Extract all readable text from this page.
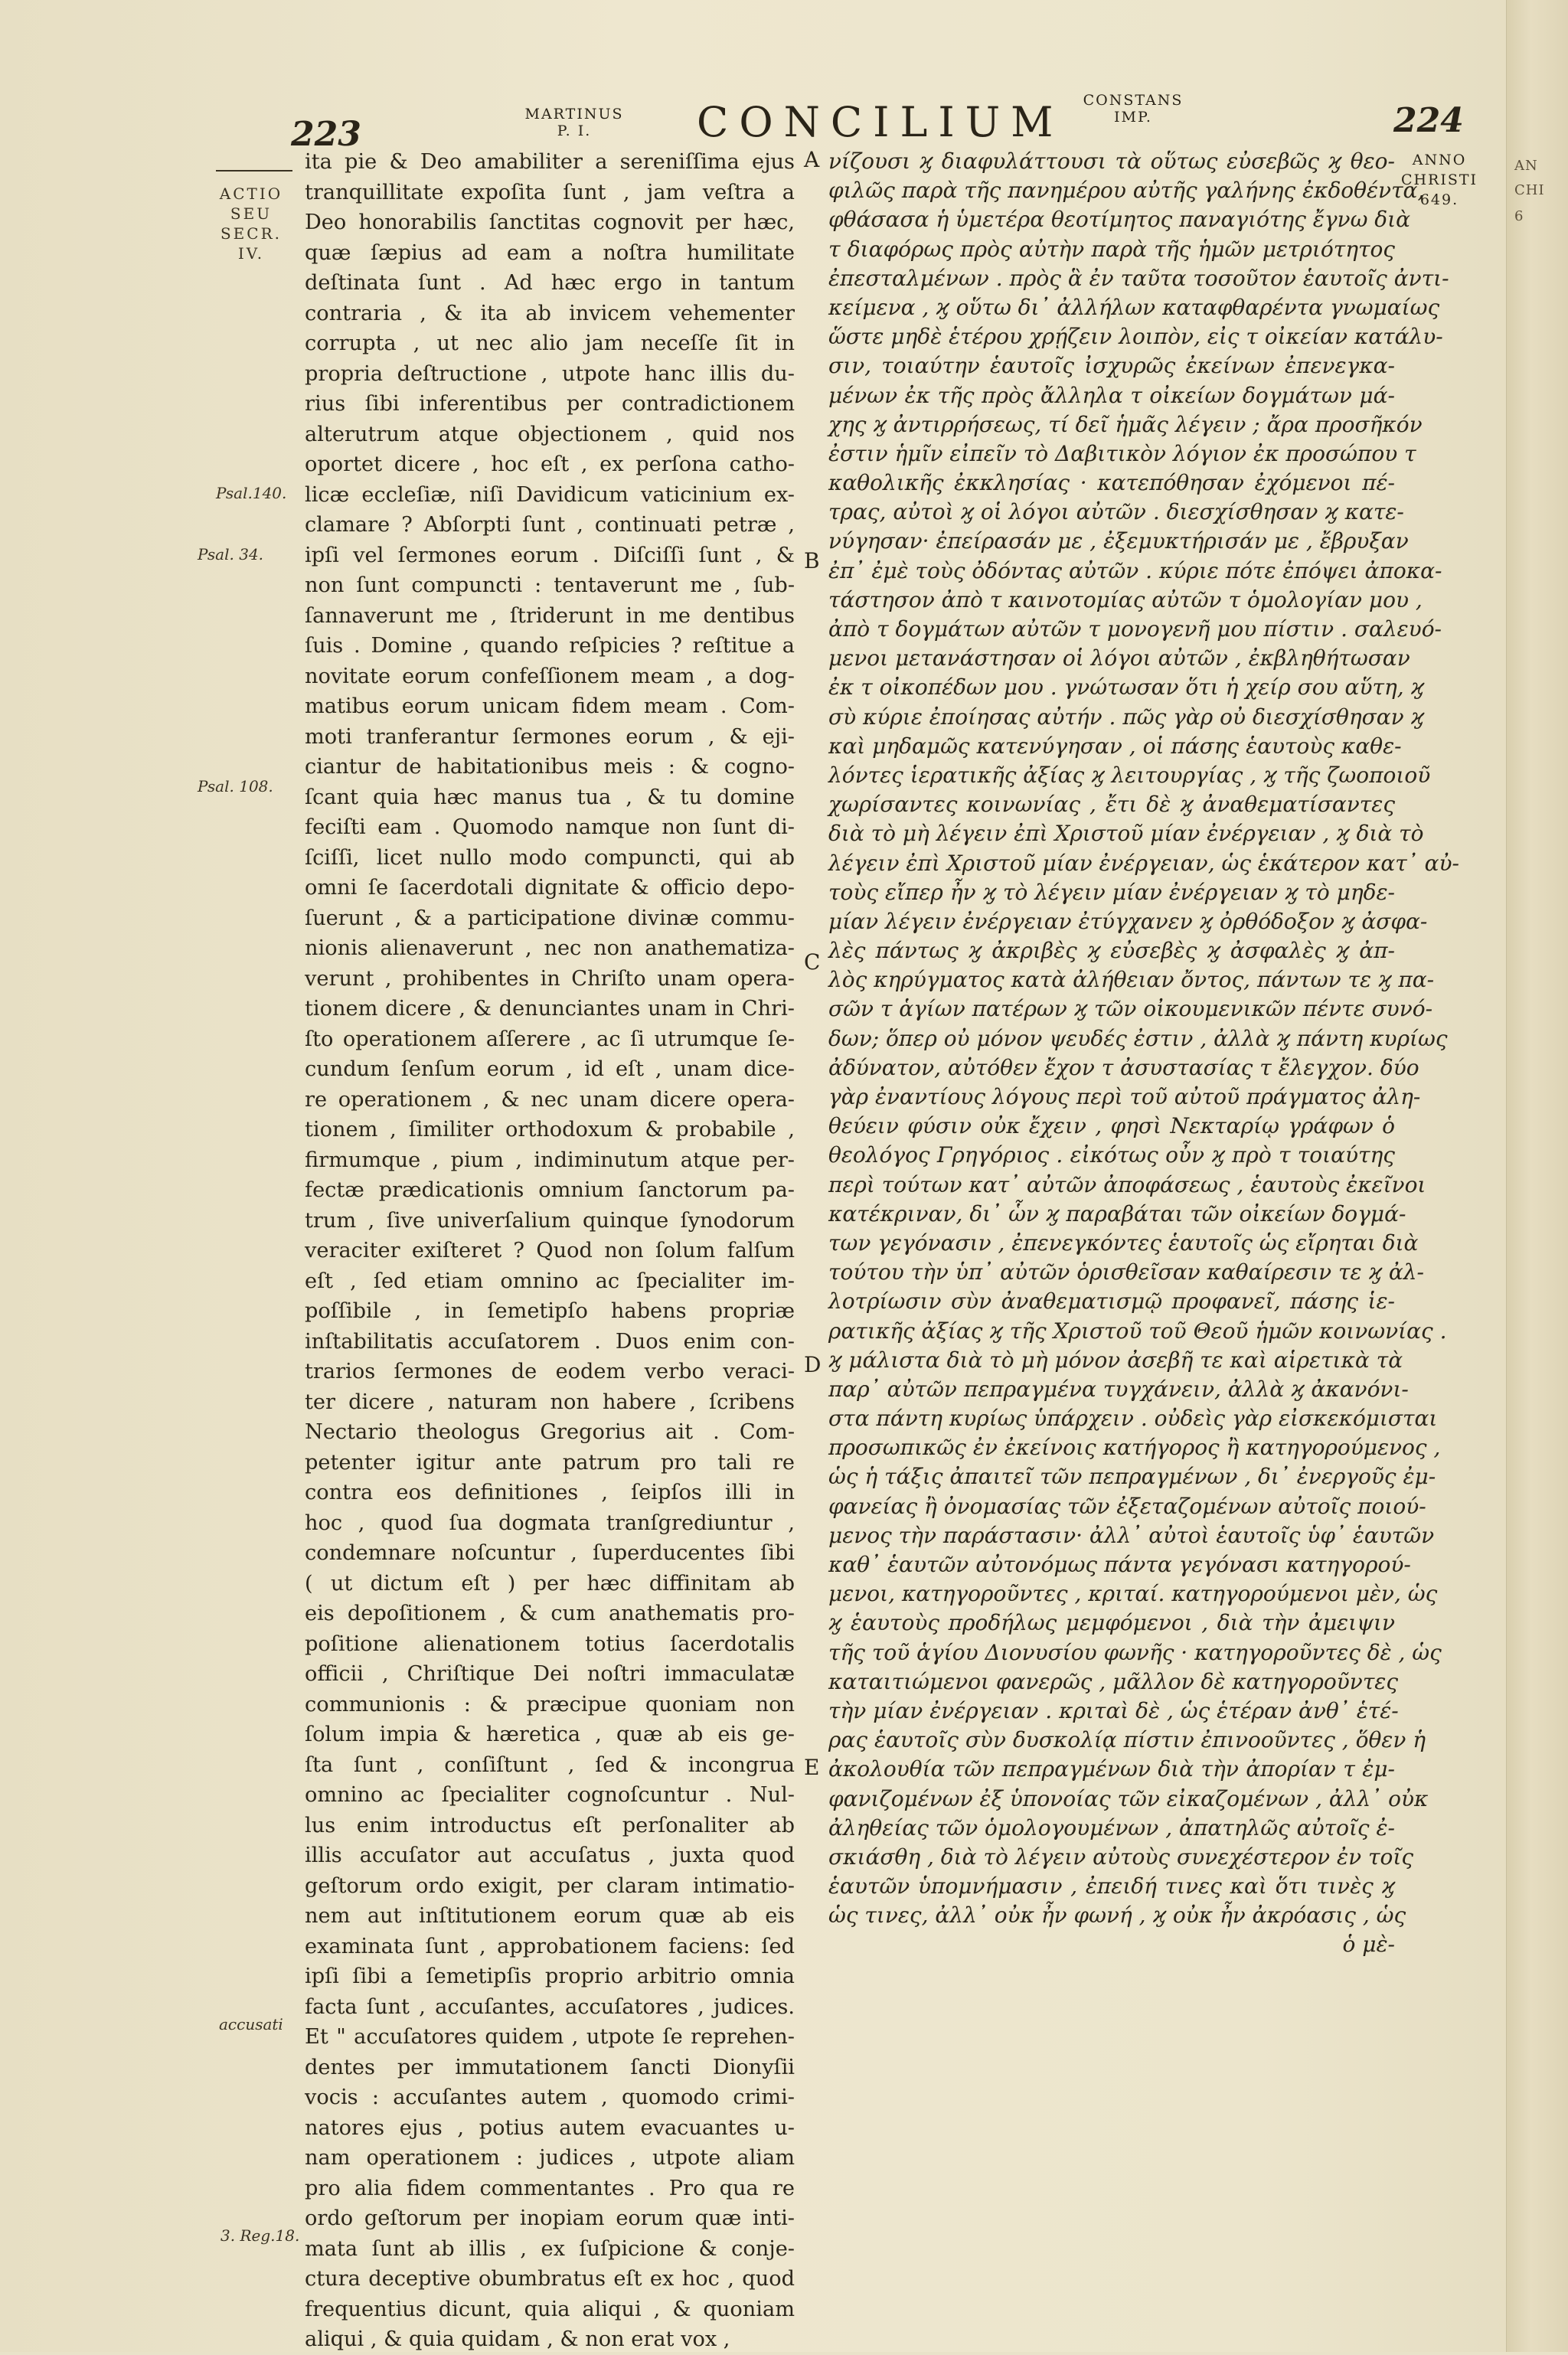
AN
CHI
6
223
MARTINUS
P. I.	CONCILIUM	CONSTANS
IMP.	224
ANNO
CHRISTI
649.
ACTIO
SEU
SECR. IV.
Psal.140.
Psal. 34.
Psal. 108.
accusati
3. Reg.18.
A
B
C
D
E
ita pie & Deo amabiliter a sereniſſima ejus
tranquillitate expoſita ſunt , jam veſtra a
Deo honorabilis ſanctitas cognovit per hæc,
quæ ſæpius ad eam a noſtra humilitate
deſtinata ſunt . Ad hæc ergo in tantum
contraria , & ita ab invicem vehementer
corrupta , ut nec alio jam neceſſe ſit in
propria deſtructione , utpote hanc illis du-
rius ſibi inferentibus per contradictionem
alterutrum atque objectionem , quid nos
oportet dicere , hoc eſt , ex perſona catho-
licæ eccleſiæ, niſi Davidicum vaticinium ex-
clamare ? Abſorpti ſunt , continuati petræ ,
ipſi vel ſermones eorum . Diſciſſi ſunt , &
non ſunt compuncti : tentaverunt me , ſub-
ſannaverunt me , ſtriderunt in me dentibus
ſuis . Domine , quando reſpicies ? reſtitue a
novitate eorum confeſſionem meam , a dog-
matibus eorum unicam fidem meam . Com-
moti tranferantur ſermones eorum , & eji-
ciantur de habitationibus meis : & cogno-
ſcant quia hæc manus tua , & tu domine
feciſti eam . Quomodo namque non ſunt di-
ſciſſi, licet nullo modo compuncti, qui ab
omni ſe ſacerdotali dignitate & officio depo-
ſuerunt , & a participatione divinæ commu-
nionis alienaverunt , nec non anathematiza-
verunt , prohibentes in Chriſto unam opera-
tionem dicere , & denunciantes unam in Chri-
ſto operationem aſſerere , ac ſi utrumque ſe-
cundum ſenſum eorum , id eſt , unam dice-
re operationem , & nec unam dicere opera-
tionem , ſimiliter orthodoxum & probabile ,
firmumque , pium , indiminutum atque per-
fectæ prædicationis omnium ſanctorum pa-
trum , ſive univerſalium quinque ſynodorum
veraciter exiſteret ? Quod non ſolum falſum
eſt , ſed etiam omnino ac ſpecialiter im-
poſſibile , in ſemetipſo habens propriæ
inſtabilitatis accuſatorem . Duos enim con-
trarios ſermones de eodem verbo veraci-
ter dicere , naturam non habere , ſcribens
Nectario theologus Gregorius ait . Com-
petenter igitur ante patrum pro tali re
contra eos definitiones , ſeipſos illi in
hoc , quod ſua dogmata tranſgrediuntur ,
condemnare noſcuntur , ſuperducentes ſibi
( ut dictum eſt ) per hæc diffinitam ab
eis depoſitionem , & cum anathematis pro-
poſitione alienationem totius ſacerdotalis
officii , Chriſtique Dei noſtri immaculatæ
communionis : & præcipue quoniam non
ſolum impia & hæretica , quæ ab eis ge-
ſta ſunt , conſiſtunt , ſed & incongrua
omnino ac ſpecialiter cognoſcuntur . Nul-
lus enim introductus eſt perſonaliter ab
illis accuſator aut accuſatus , juxta quod
geſtorum ordo exigit, per claram intimatio-
nem aut inſtitutionem eorum quæ ab eis
examinata ſunt , approbationem faciens: ſed
ipſi ſibi a ſemetipſis proprio arbitrio omnia
facta ſunt , accuſantes, accuſatores , judices.
Et " accuſatores quidem , utpote ſe reprehen-
dentes per immutationem ſancti Dionyſii
vocis : accuſantes autem , quomodo crimi-
natores ejus , potius autem evacuantes u-
nam operationem : judices , utpote aliam
pro alia fidem commentantes . Pro qua re
ordo geſtorum per inopiam eorum quæ inti-
mata ſunt ab illis , ex ſuſpicione & conje-
ctura deceptive obumbratus eſt ex hoc , quod
frequentius dicunt, quia aliqui , & quoniam
aliqui , & quia quidam , & non erat vox ,
νίζουσι ϗ διαφυλάττουσι τὰ οὕτως εὐσεβῶς ϗ θεο-
φιλῶς παρὰ τῆς πανημέρου αὐτῆς γαλήνης ἐκδοθέντα,
φθάσασα ἡ ὑμετέρα θεοτίμητος παναγιότης ἔγνω διὰ
τ διαφόρως πρὸς αὐτὴν παρὰ τῆς ἡμῶν μετριότητος
ἐπεσταλμένων . πρὸς ἃ ἐν ταῦτα τοσοῦτον ἑαυτοῖς ἀντι-
κείμενα , ϗ οὕτω δι᾽ ἀλλήλων καταφθαρέντα γνωμαίως
ὥστε μηδὲ ἑτέρου χρῄζειν λοιπὸν, εἰς τ οἰκείαν κατάλυ-
σιν, τοιαύτην ἑαυτοῖς ἰσχυρῶς ἐκείνων ἐπενεγκα-
μένων ἐκ τῆς πρὸς ἄλληλα τ οἰκείων δογμάτων μά-
χης ϗ ἀντιρρήσεως, τί δεῖ ἡμᾶς λέγειν ; ἄρα προσῆκόν
ἐστιν ἡμῖν εἰπεῖν τὸ Δαβιτικὸν λόγιον ἐκ προσώπου τ
καθολικῆς ἐκκλησίας · κατεπόθησαν ἐχόμενοι πέ-
τρας, αὐτοὶ ϗ οἱ λόγοι αὐτῶν . διεσχίσθησαν ϗ κατε-
νύγησαν· ἐπείρασάν με , ἐξεμυκτήρισάν με , ἔβρυξαν
ἐπ᾽ ἐμὲ τοὺς ὀδόντας αὐτῶν . κύριε πότε ἐπόψει ἀποκα-
τάστησον ἀπὸ τ καινοτομίας αὐτῶν τ ὁμολογίαν μου ,
ἀπὸ τ δογμάτων αὐτῶν τ μονογενῆ μου πίστιν . σαλευό-
μενοι μετανάστησαν οἱ λόγοι αὐτῶν , ἐκβληθήτωσαν
ἐκ τ οἰκοπέδων μου . γνώτωσαν ὅτι ἡ χείρ σου αὕτη, ϗ
σὺ κύριε ἐποίησας αὐτήν . πῶς γὰρ οὐ διεσχίσθησαν ϗ
καὶ μηδαμῶς κατενύγησαν , οἱ πάσης ἑαυτοὺς καθε-
λόντες ἱερατικῆς ἀξίας ϗ λειτουργίας , ϗ τῆς ζωοποιοῦ
χωρίσαντες κοινωνίας , ἔτι δὲ ϗ ἀναθεματίσαντες
διὰ τὸ μὴ λέγειν ἐπὶ Χριστοῦ μίαν ἐνέργειαν , ϗ διὰ τὸ
λέγειν ἐπὶ Χριστοῦ μίαν ἐνέργειαν, ὡς ἑκάτερον κατ᾽ αὐ-
τοὺς εἴπερ ἦν ϗ τὸ λέγειν μίαν ἐνέργειαν ϗ τὸ μηδε-
μίαν λέγειν ἐνέργειαν ἐτύγχανεν ϗ ὀρθόδοξον ϗ ἀσφα-
λὲς πάντως ϗ ἀκριβὲς ϗ εὐσεβὲς ϗ ἀσφαλὲς ϗ ἀπ-
λὸς κηρύγματος κατὰ ἀλήθειαν ὄντος, πάντων τε ϗ πα-
σῶν τ ἁγίων πατέρων ϗ τῶν οἰκουμενικῶν πέντε συνό-
δων; ὅπερ οὐ μόνον ψευδές ἐστιν , ἀλλὰ ϗ πάντη κυρίως
ἀδύνατον, αὐτόθεν ἔχον τ ἀσυστασίας τ ἔλεγχον. δύο
γὰρ ἐναντίους λόγους περὶ τοῦ αὐτοῦ πράγματος ἀλη-
θεύειν φύσιν οὐκ ἔχειν , φησὶ Νεκταρίῳ γράφων ὁ
θεολόγος Γρηγόριος . εἰκότως οὖν ϗ πρὸ τ τοιαύτης
περὶ τούτων κατ᾽ αὐτῶν ἀποφάσεως , ἑαυτοὺς ἐκεῖνοι
κατέκριναν, δι᾽ ὧν ϗ παραβάται τῶν οἰκείων δογμά-
των γεγόνασιν , ἐπενεγκόντες ἑαυτοῖς ὡς εἴρηται διὰ
τούτου τὴν ὑπ᾽ αὐτῶν ὁρισθεῖσαν καθαίρεσιν τε ϗ ἀλ-
λοτρίωσιν σὺν ἀναθεματισμῷ προφανεῖ, πάσης ἱε-
ρατικῆς ἀξίας ϗ τῆς Χριστοῦ τοῦ Θεοῦ ἡμῶν κοινωνίας .
ϗ μάλιστα διὰ τὸ μὴ μόνον ἀσεβῆ τε καὶ αἱρετικὰ τὰ
παρ᾽ αὐτῶν πεπραγμένα τυγχάνειν, ἀλλὰ ϗ ἀκανόνι-
στα πάντη κυρίως ὑπάρχειν . οὐδεὶς γὰρ εἰσκεκόμισται
προσωπικῶς ἐν ἐκείνοις κατήγορος ἢ κατηγορούμενος ,
ὡς ἡ τάξις ἀπαιτεῖ τῶν πεπραγμένων , δι᾽ ἐνεργοῦς ἐμ-
φανείας ἢ ὀνομασίας τῶν ἐξεταζομένων αὐτοῖς ποιού-
μενος τὴν παράστασιν· ἀλλ᾽ αὐτοὶ ἑαυτοῖς ὑφ᾽ ἑαυτῶν
καθ᾽ ἑαυτῶν αὐτονόμως πάντα γεγόνασι κατηγορού-
μενοι, κατηγοροῦντες , κριταί. κατηγορούμενοι μὲν, ὡς
ϗ ἑαυτοὺς προδήλως μεμφόμενοι , διὰ τὴν ἀμειψιν
τῆς τοῦ ἁγίου Διονυσίου φωνῆς · κατηγοροῦντες δὲ , ὡς
καταιτιώμενοι φανερῶς , μᾶλλον δὲ κατηγοροῦντες
τὴν μίαν ἐνέργειαν . κριταὶ δὲ , ὡς ἑτέραν ἀνθ᾽ ἑτέ-
ρας ἑαυτοῖς σὺν δυσκολίᾳ πίστιν ἐπινοοῦντες , ὅθεν ἡ
ἀκολουθία τῶν πεπραγμένων διὰ τὴν ἀπορίαν τ ἐμ-
φανιζομένων ἐξ ὑπονοίας τῶν εἰκαζομένων , ἀλλ᾽ οὐκ
ἀληθείας τῶν ὁμολογουμένων , ἀπατηλῶς αὐτοῖς ἐ-
σκιάσθη , διὰ τὸ λέγειν αὐτοὺς συνεχέστερον ἐν τοῖς
ἑαυτῶν ὑπομνήμασιν , ἐπειδή τινες καὶ ὅτι τινὲς ϗ
ὡς τινες, ἀλλ᾽ οὐκ ἦν φωνή , ϗ οὐκ ἦν ἀκρόασις , ὡς
ὁ μὲ-
